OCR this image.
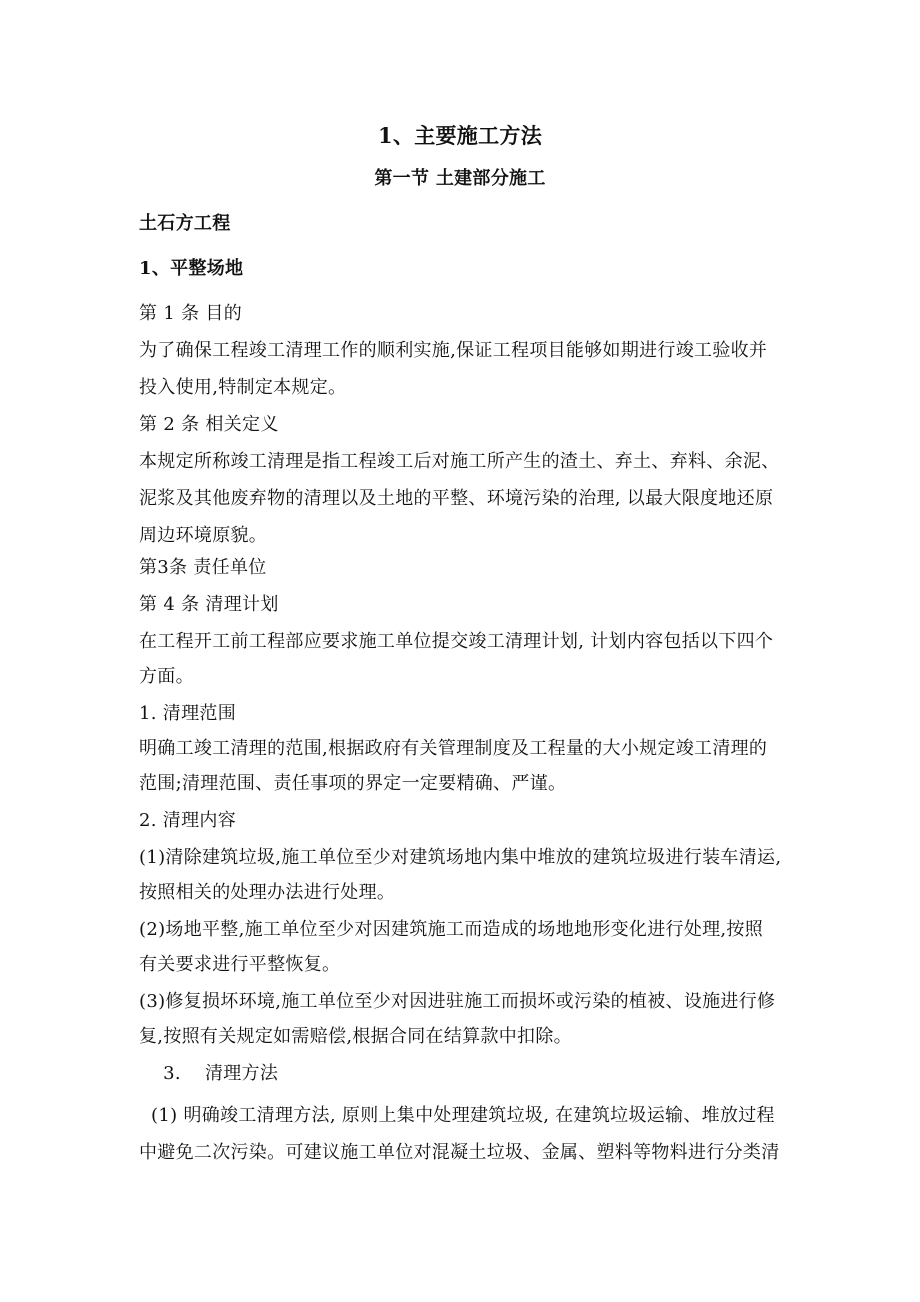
1、主要施工方法
第一节 土建部分施工
土石方工程
1、平整场地
第 1 条 目的
为了确保工程竣工清理工作的顺利实施,保证工程项目能够如期进行竣工验收并
投入使用,特制定本规定。
第 2 条 相关定义
本规定所称竣工清理是指工程竣工后对施工所产生的渣土、弃土、弃料、余泥、
泥浆及其他废弃物的清理以及土地的平整、环境污染的治理, 以最大限度地还原
周边环境原貌。
第3条 责任单位
第 4 条 清理计划
在工程开工前工程部应要求施工单位提交竣工清理计划, 计划内容包括以下四个
方面。
1. 清理范围
明确工竣工清理的范围,根据政府有关管理制度及工程量的大小规定竣工清理的
范围;清理范围、责任事项的界定一定要精确、严谨。
2. 清理内容
(1)清除建筑垃圾,施工单位至少对建筑场地内集中堆放的建筑垃圾进行装车清运,
按照相关的处理办法进行处理。
(2)场地平整,施工单位至少对因建筑施工而造成的场地地形变化进行处理,按照
有关要求进行平整恢复。
(3)修复损坏环境,施工单位至少对因进驻施工而损坏或污染的植被、设施进行修
复,按照有关规定如需赔偿,根据合同在结算款中扣除。
3.    清理方法
(1) 明确竣工清理方法, 原则上集中处理建筑垃圾, 在建筑垃圾运输、堆放过程
中避免二次污染。可建议施工单位对混凝土垃圾、金属、塑料等物料进行分类清
